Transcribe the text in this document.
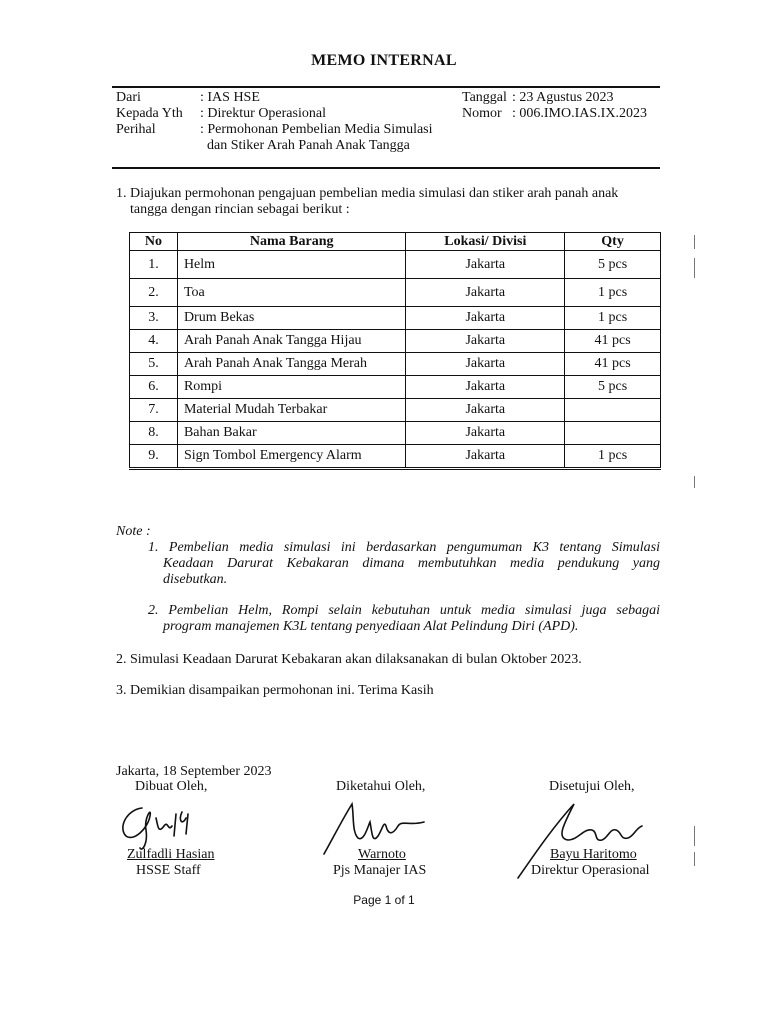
MEMO INTERNAL
Dari	: IAS HSE
Kepada Yth : Direktur Operasional
Perihal	: Permohonan Pembelian Media Simulasi
dan Stiker Arah Panah Anak Tangga
Tanggal : 23 Agustus 2023
Nomor : 006.IMO.IAS.IX.2023
1. Diajukan permohonan pengajuan pembelian media simulasi dan stiker arah panah anak
tangga dengan rincian sebagai berikut :
No	Nama Barang	Lokasi/ Divisi	Qty
1.	Helm	Jakarta	5 pcs
2.	Toa	Jakarta	1 pcs
3.	Drum Bekas	Jakarta	1 pcs
4.	Arah Panah Anak Tangga Hijau	Jakarta	41 pcs
5.	Arah Panah Anak Tangga Merah	Jakarta	41 pcs
6.	Rompi	Jakarta	5 pcs
7.	Material Mudah Terbakar	Jakarta	
8.	Bahan Bakar	Jakarta	
9.	Sign Tombol Emergency Alarm	Jakarta	1 pcs
Note :
1. Pembelian media simulasi ini berdasarkan pengumuman K3 tentang Simulasi
Keadaan Darurat Kebakaran dimana membutuhkan media pendukung yang
disebutkan.
2. Pembelian Helm, Rompi selain kebutuhan untuk media simulasi juga sebagai
program manajemen K3L tentang penyediaan Alat Pelindung Diri (APD).
2. Simulasi Keadaan Darurat Kebakaran akan dilaksanakan di bulan Oktober 2023.
3. Demikian disampaikan permohonan ini. Terima Kasih
Jakarta, 18 September 2023
Dibuat Oleh,
Zulfadli Hasian
HSSE Staff
Diketahui Oleh,
Warnoto
Pjs Manajer IAS
Disetujui Oleh,
Bayu Haritomo
Direktur Operasional
Page 1 of 1
